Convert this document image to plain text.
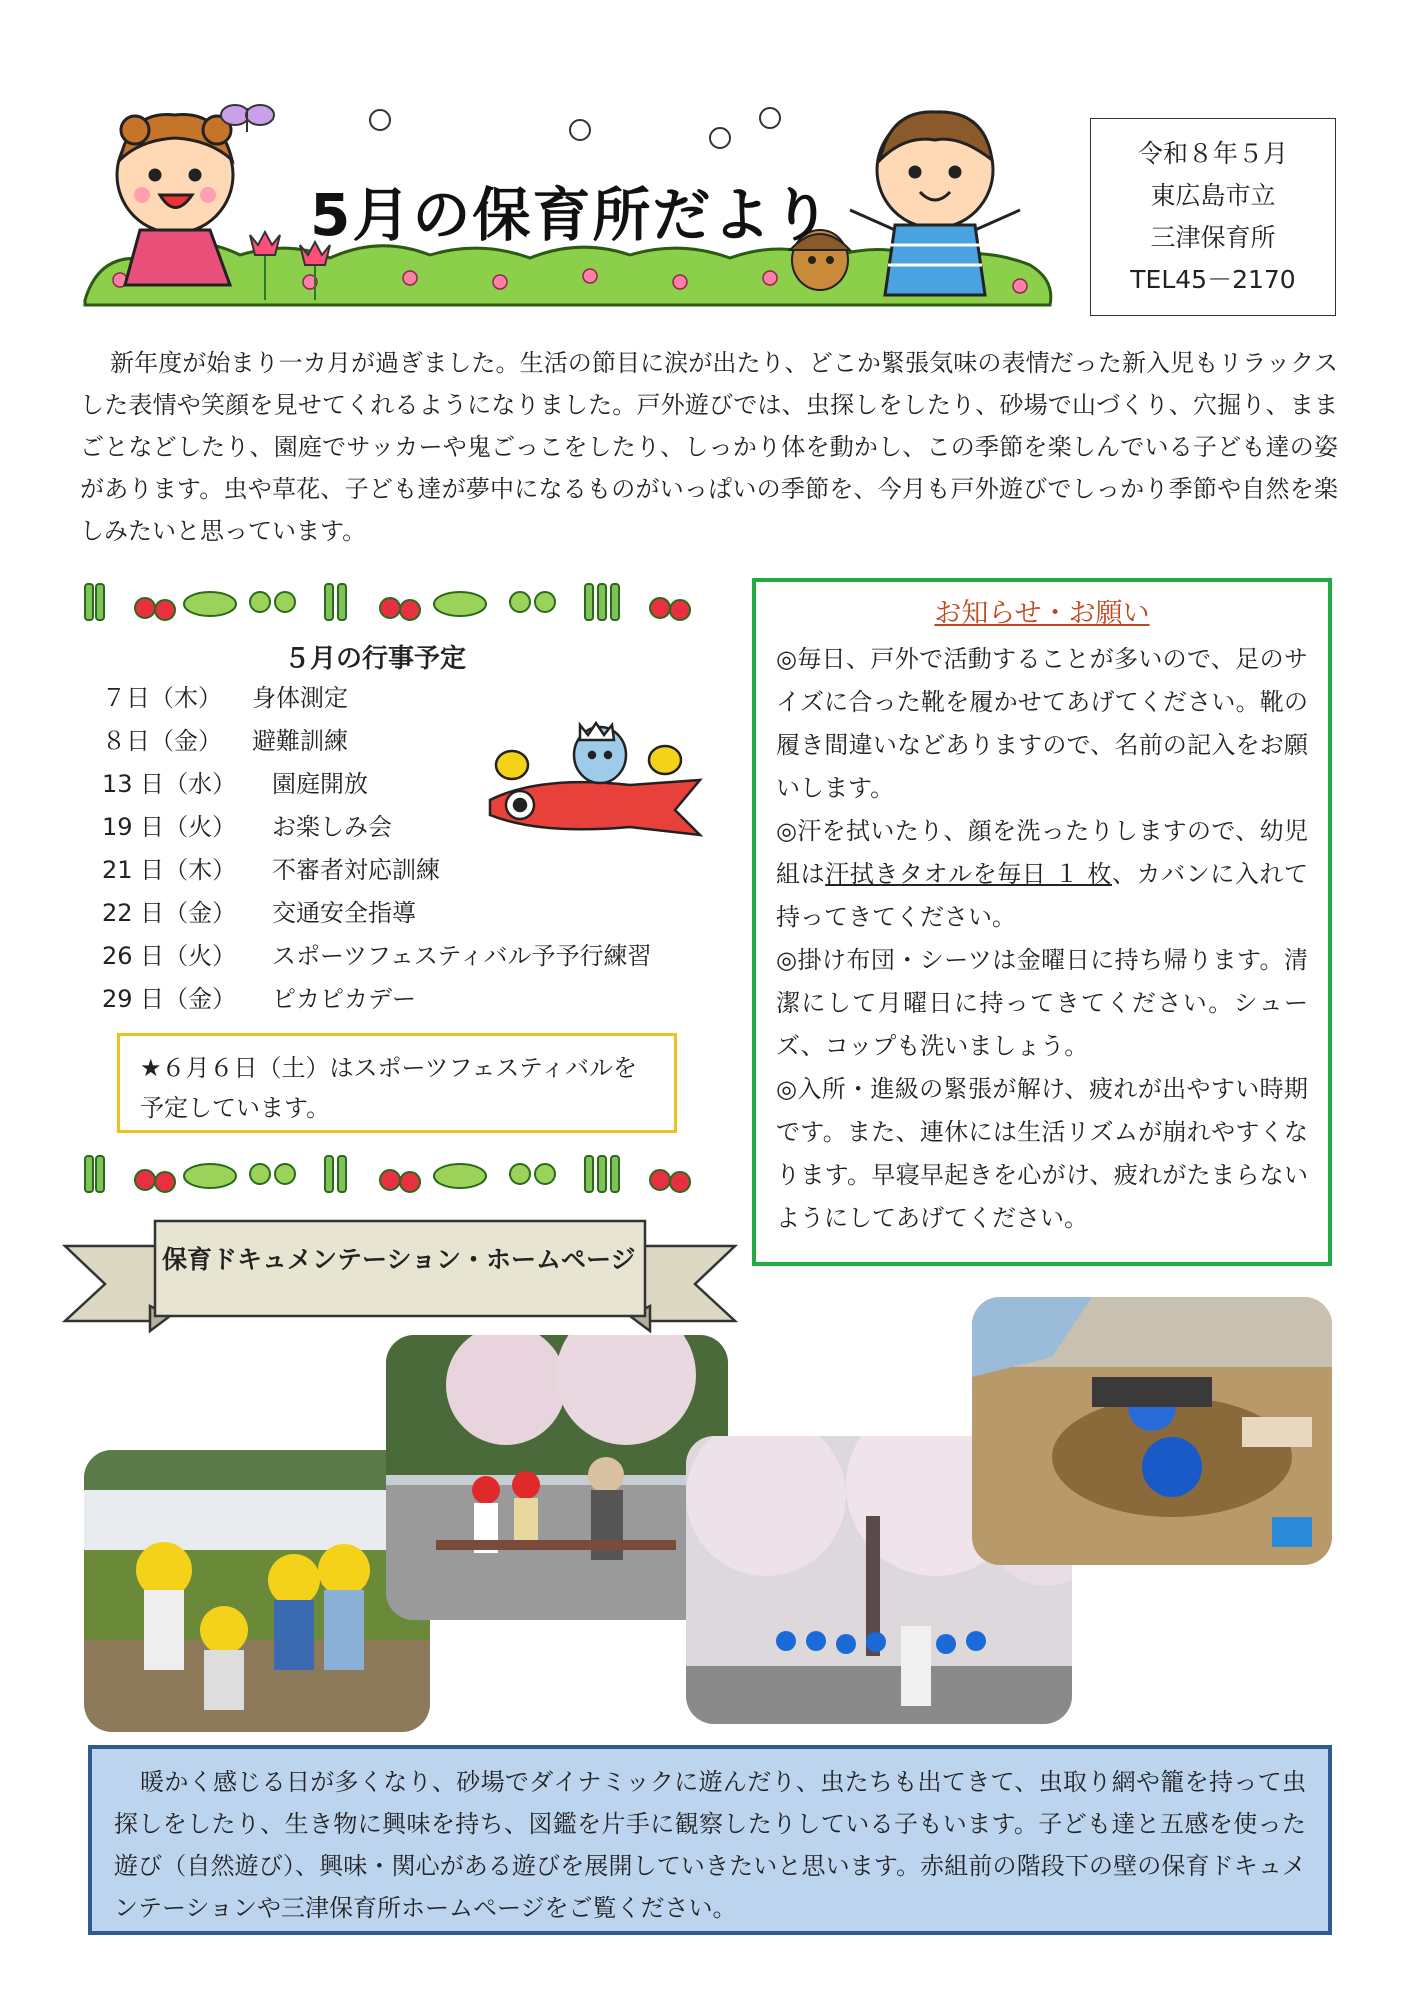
5月の保育所だより
令和８年５月
東広島市立
三津保育所
TEL45－2170
新年度が始まり一カ月が過ぎました。生活の節目に涙が出たり、どこか緊張気味の表情だった新入児もリラックスした表情や笑顔を見せてくれるようになりました。戸外遊びでは、虫探しをしたり、砂場で山づくり、穴掘り、ままごとなどしたり、園庭でサッカーや鬼ごっこをしたり、しっかり体を動かし、この季節を楽しんでいる子ども達の姿があります。虫や草花、子ども達が夢中になるものがいっぱいの季節を、今月も戸外遊びでしっかり季節や自然を楽しみたいと思っています。
５月の行事予定
７日（木） 身体測定
８日（金） 避難訓練
13 日（水） 園庭開放
19 日（火） お楽しみ会
21 日（木） 不審者対応訓練
22 日（金） 交通安全指導
26 日（火） スポーツフェスティバル予予行練習
29 日（金） ピカピカデー
★６月６日（土）はスポーツフェスティバルを
予定しています。
お知らせ・お願い

◎毎日、戸外で活動することが多いので、足のサイズに合った靴を履かせてあげてください。靴の履き間違いなどありますので、名前の記入をお願いします。

◎汗を拭いたり、顔を洗ったりしますので、幼児組は汗拭きタオルを毎日 １ 枚、カバンに入れて持ってきてください。

◎掛け布団・シーツは金曜日に持ち帰ります。清潔にして月曜日に持ってきてください。シューズ、コップも洗いましょう。

◎入所・進級の緊張が解け、疲れが出やすい時期です。また、連休には生活リズムが崩れやすくなります。早寝早起きを心がけ、疲れがたまらないようにしてあげてください。

保育ドキュメンテーション・ホームページ
暖かく感じる日が多くなり、砂場でダイナミックに遊んだり、虫たちも出てきて、虫取り網や籠を持って虫探しをしたり、生き物に興味を持ち、図鑑を片手に観察したりしている子もいます。子ども達と五感を使った遊び（自然遊び）、興味・関心がある遊びを展開していきたいと思います。赤組前の階段下の壁の保育ドキュメンテーションや三津保育所ホームページをご覧ください。
